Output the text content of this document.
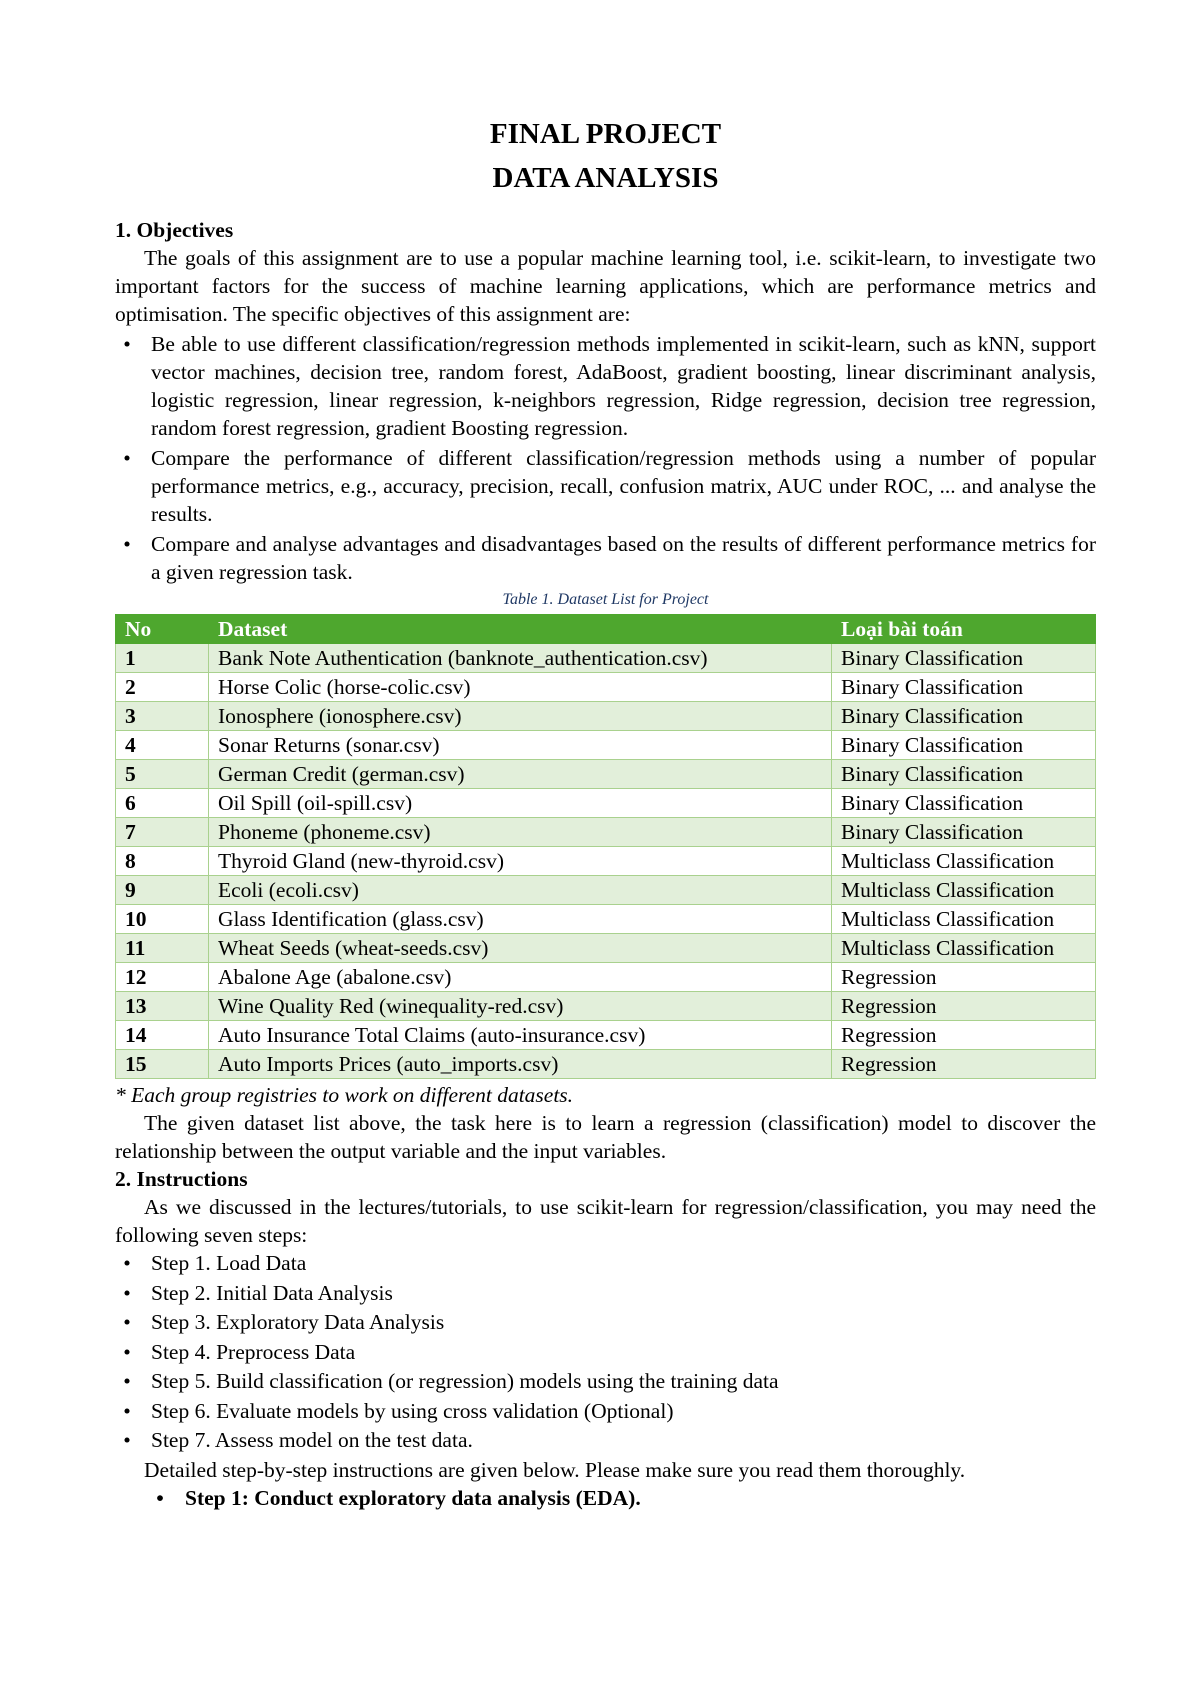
FINAL PROJECT
DATA ANALYSIS
1. Objectives

The goals of this assignment are to use a popular machine learning tool, i.e. scikit-learn, to investigate two important factors for the success of machine learning applications, which are performance metrics and optimisation. The specific objectives of this assignment are:

• Be able to use different classification/regression methods implemented in scikit-learn, such as kNN, support vector machines, decision tree, random forest, AdaBoost, gradient boosting, linear discriminant analysis, logistic regression, linear regression, k-neighbors regression, Ridge regression, decision tree regression, random forest regression, gradient Boosting regression.
• Compare the performance of different classification/regression methods using a number of popular performance metrics, e.g., accuracy, precision, recall, confusion matrix, AUC under ROC, ... and analyse the results.
• Compare and analyse advantages and disadvantages based on the results of different performance metrics for a given regression task.
Table 1. Dataset List for Project
No	Dataset	Loại bài toán
1	Bank Note Authentication (banknote_authentication.csv)	Binary Classification
2	Horse Colic (horse-colic.csv)	Binary Classification
3	Ionosphere (ionosphere.csv)	Binary Classification
4	Sonar Returns (sonar.csv)	Binary Classification
5	German Credit (german.csv)	Binary Classification
6	Oil Spill (oil-spill.csv)	Binary Classification
7	Phoneme (phoneme.csv)	Binary Classification
8	Thyroid Gland (new-thyroid.csv)	Multiclass Classification
9	Ecoli (ecoli.csv)	Multiclass Classification
10	Glass Identification (glass.csv)	Multiclass Classification
11	Wheat Seeds (wheat-seeds.csv)	Multiclass Classification
12	Abalone Age (abalone.csv)	Regression
13	Wine Quality Red (winequality-red.csv)	Regression
14	Auto Insurance Total Claims (auto-insurance.csv)	Regression
15	Auto Imports Prices (auto_imports.csv)	Regression

* Each group registries to work on different datasets.

The given dataset list above, the task here is to learn a regression (classification) model to discover the relationship between the output variable and the input variables.

2. Instructions

As we discussed in the lectures/tutorials, to use scikit-learn for regression/classification, you may need the following seven steps:

• Step 1. Load Data
• Step 2. Initial Data Analysis
• Step 3. Exploratory Data Analysis
• Step 4. Preprocess Data
• Step 5. Build classification (or regression) models using the training data
• Step 6. Evaluate models by using cross validation (Optional)
• Step 7. Assess model on the test data.

Detailed step-by-step instructions are given below. Please make sure you read them thoroughly.

• Step 1: Conduct exploratory data analysis (EDA).
